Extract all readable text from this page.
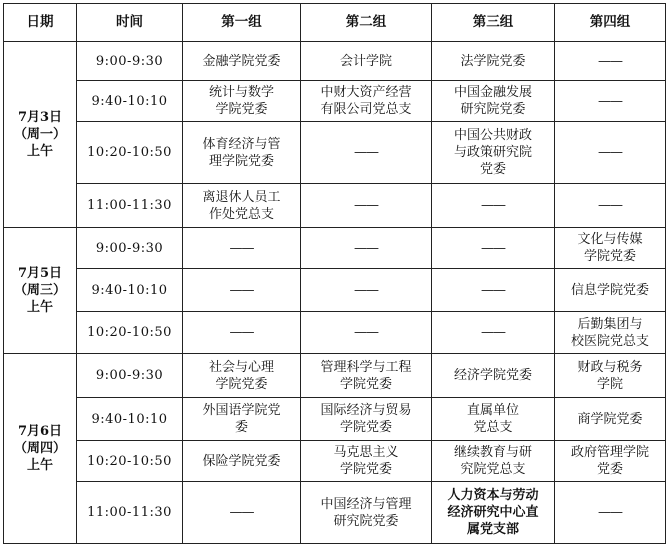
日期	时间	第一组	第二组	第三组	第四组

7月3日
（周一）
上午	9:00-9:30	金融学院党委	会计学院	法学院党委	——
	9:40-10:10	统计与数学
学院党委	中财大资产经营
有限公司党总支	中国金融发展
研究院党委	——
	10:20-10:50	体育经济与管
理学院党委	——	中国公共财政
与政策研究院
党委	——
	11:00-11:30	离退休人员工
作处党总支	——	——	——

7月5日
（周三）
上午	9:00-9:30	——	——	——	文化与传媒
学院党委

	9:40-10:10	——	——	——	信息学院党委

	10:20-10:50	——	——	——	后勤集团与
校医院党总支

7月6日
（周四）
上午	9:00-9:30	社会与心理
学院党委	管理科学与工程
学院党委	经济学院党委	财政与税务
学院

	9:40-10:10	外国语学院党
委	国际经济与贸易
学院党委	直属单位
党总支	商学院党委

	10:20-10:50	保险学院党委	马克思主义
学院党委	继续教育与研
究院党总支	政府管理学院
党委

	11:00-11:30	——	中国经济与管理
研究院党委	人力资本与劳动
经济研究中心直
属党支部	——
